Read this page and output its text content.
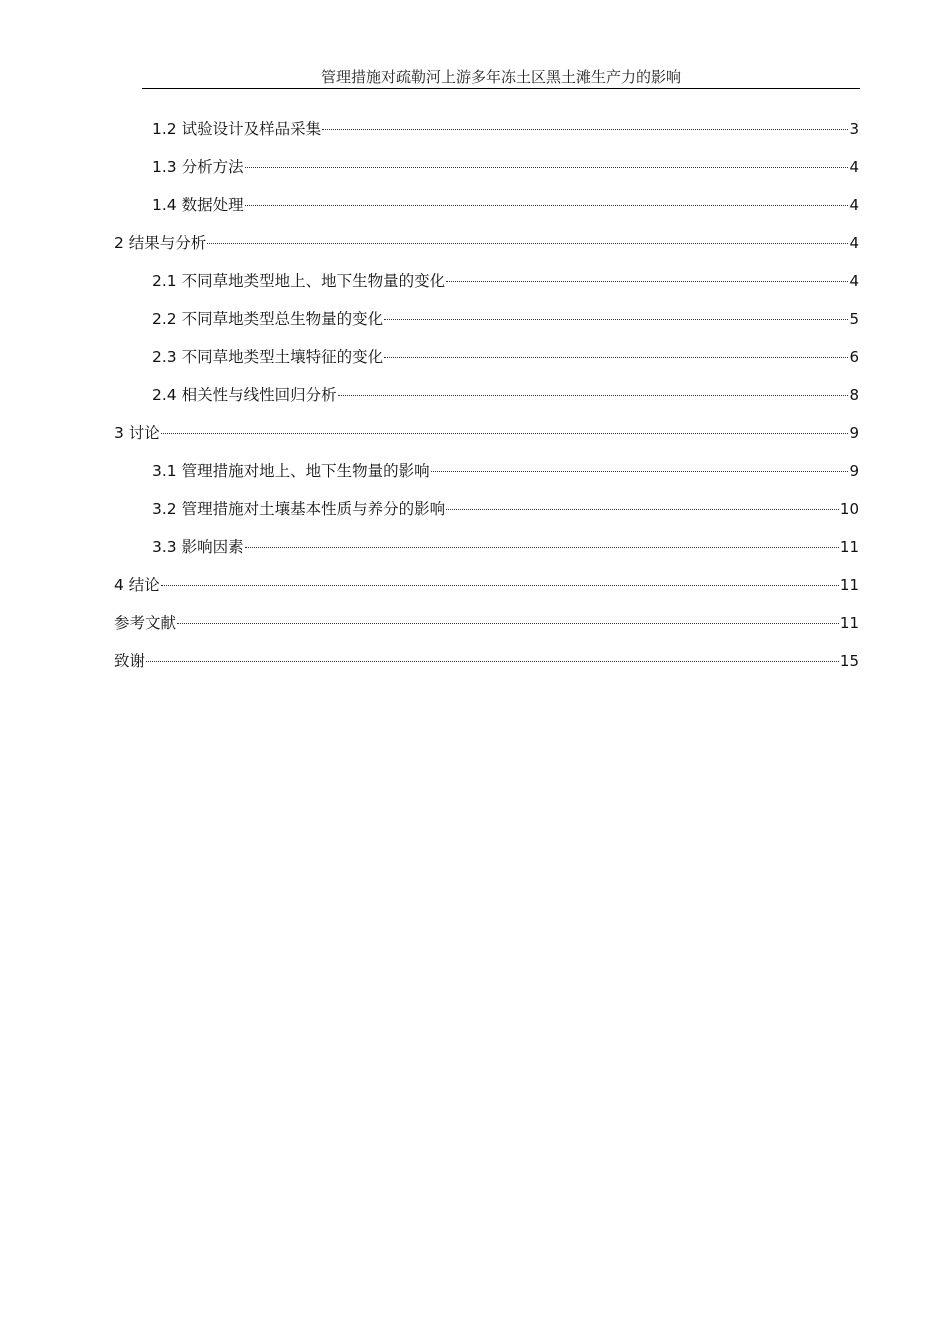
管理措施对疏勒河上游多年冻土区黑土滩生产力的影响
1.2 试验设计及样品采集	3
1.3 分析方法	4
1.4 数据处理	4
2 结果与分析	4
2.1 不同草地类型地上、地下生物量的变化	4
2.2 不同草地类型总生物量的变化	5
2.3 不同草地类型土壤特征的变化	6
2.4 相关性与线性回归分析	8
3 讨论	9
3.1 管理措施对地上、地下生物量的影响	9
3.2 管理措施对土壤基本性质与养分的影响	10
3.3 影响因素	11
4 结论	11
参考文献	11
致谢	15
